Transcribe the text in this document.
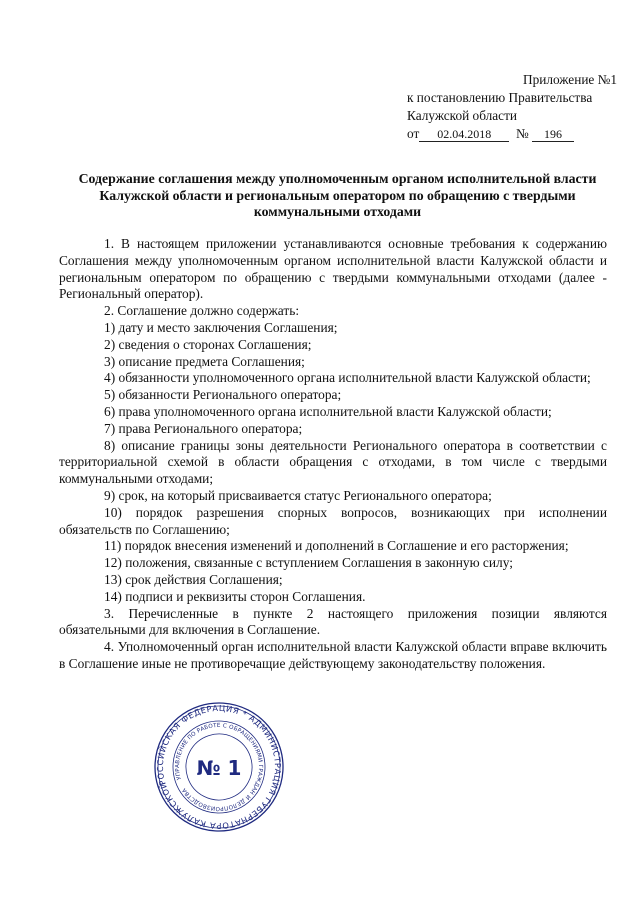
Приложение №1
к постановлению Правительства
Калужской области
от 02.04.2018 № 196
Содержание соглашения между уполномоченным органом исполнительной власти Калужской области и региональным оператором по обращению с твердыми коммунальными отходами

1. В настоящем приложении устанавливаются основные требования к содержанию Соглашения между уполномоченным органом исполнительной власти Калужской области и региональным оператором по обращению с твердыми коммунальными отходами (далее - Региональный оператор).

2. Соглашение должно содержать:

1) дату и место заключения Соглашения;

2) сведения о сторонах Соглашения;

3) описание предмета Соглашения;

4) обязанности уполномоченного органа исполнительной власти Калужской области;

5) обязанности Регионального оператора;

6) права уполномоченного органа исполнительной власти Калужской области;

7) права Регионального оператора;

8) описание границы зоны деятельности Регионального оператора в соответствии с территориальной схемой в области обращения с отходами, в том числе с твердыми коммунальными отходами;

9) срок, на который присваивается статус Регионального оператора;

10) порядок разрешения спорных вопросов, возникающих при исполнении обязательств по Соглашению;

11) порядок внесения изменений и дополнений в Соглашение и его расторжения;

12) положения, связанные с вступлением Соглашения в законную силу;

13) срок действия Соглашения;

14) подписи и реквизиты сторон Соглашения.

3. Перечисленные в пункте 2 настоящего приложения позиции являются обязательными для включения в Соглашение.

4. Уполномоченный орган исполнительной власти Калужской области вправе включить в Соглашение иные не противоречащие действующему законодательству положения.

РОССИЙСКАЯ ФЕДЕРАЦИЯ * АДМИНИСТРАЦИЯ ГУБЕРНАТОРА КАЛУЖСКОЙ
УПРАВЛЕНИЕ ПО РАБОТЕ С ОБРАЩЕНИЯМИ ГРАЖДАН И ДЕЛОПРОИЗВОДСТВА
№ 1
